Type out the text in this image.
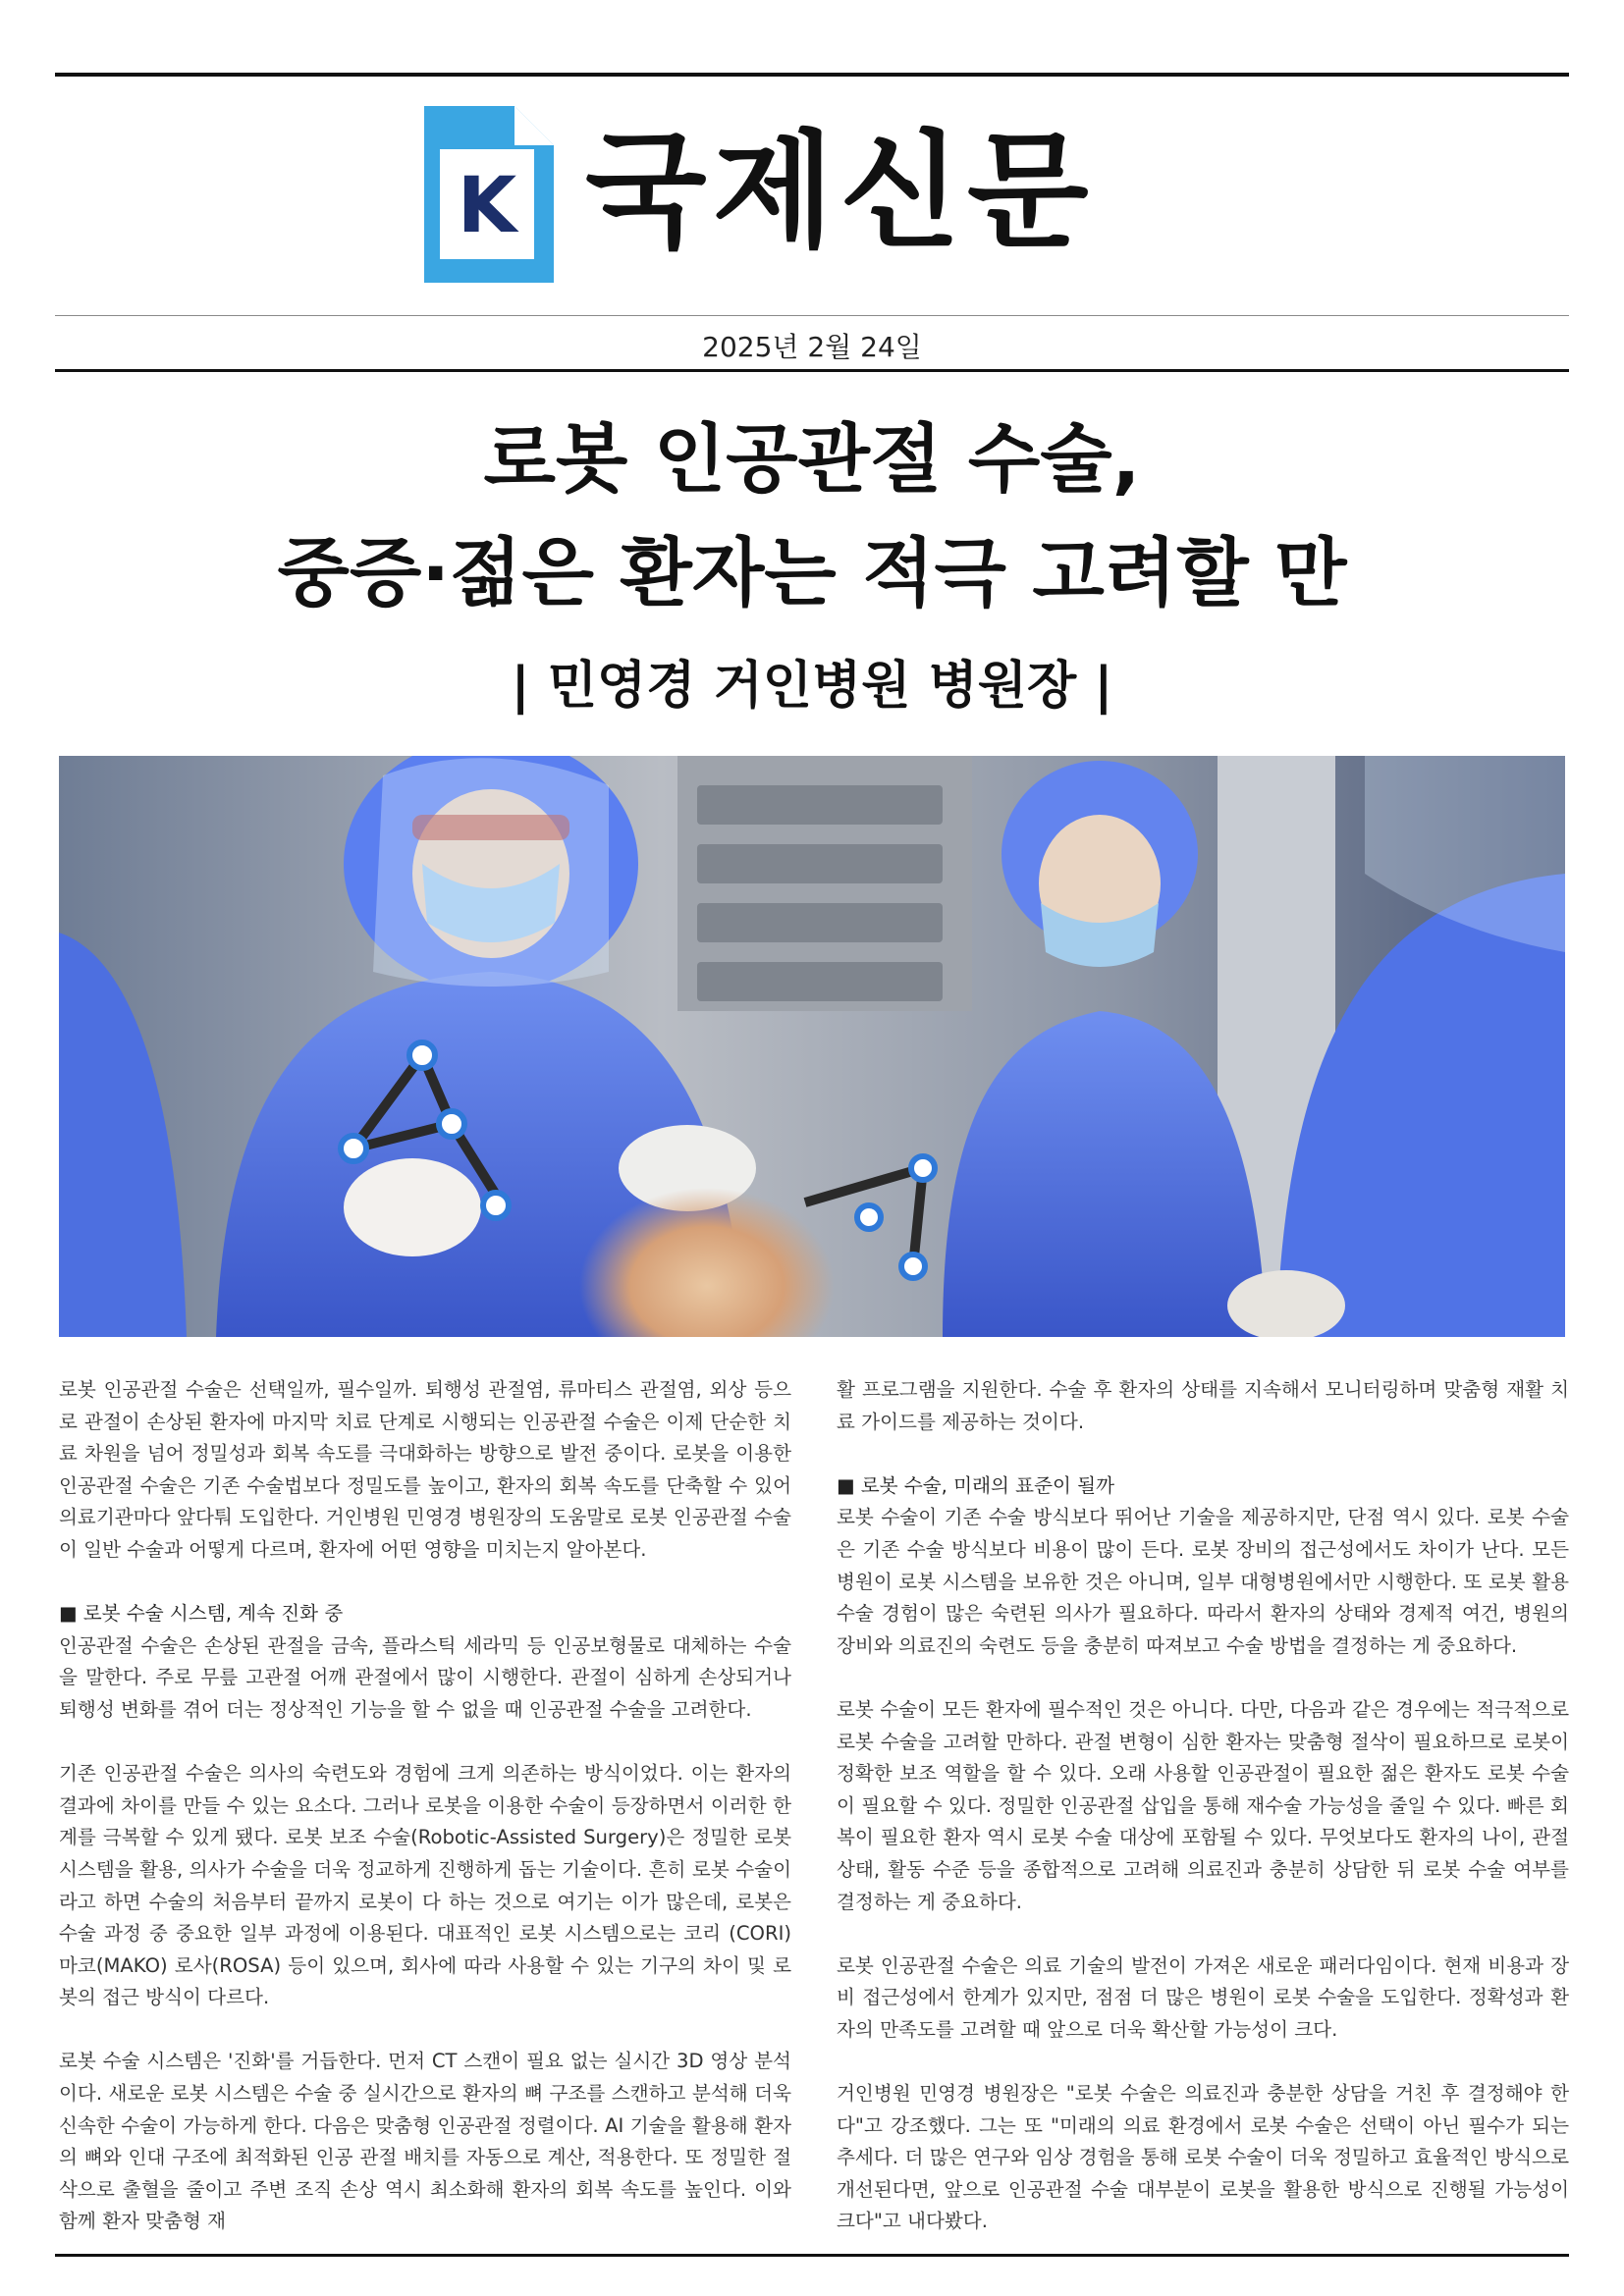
K 국제신문
2025년 2월 24일
로봇 인공관절 수술,
중증·젊은 환자는 적극 고려할 만
| 민영경 거인병원 병원장 |

로봇 인공관절 수술은 선택일까, 필수일까. 퇴행성 관절염, 류마티스 관절염, 외상 등으로 관절이 손상된 환자에 마지막 치료 단계로 시행되는 인공관절 수술은 이제 단순한 치료 차원을 넘어 정밀성과 회복 속도를 극대화하는 방향으로 발전 중이다. 로봇을 이용한 인공관절 수술은 기존 수술법보다 정밀도를 높이고, 환자의 회복 속도를 단축할 수 있어 의료기관마다 앞다퉈 도입한다. 거인병원 민영경 병원장의 도움말로 로봇 인공관절 수술이 일반 수술과 어떻게 다르며, 환자에 어떤 영향을 미치는지 알아본다.

■ 로봇 수술 시스템, 계속 진화 중

인공관절 수술은 손상된 관절을 금속, 플라스틱 세라믹 등 인공보형물로 대체하는 수술을 말한다. 주로 무릎 고관절 어깨 관절에서 많이 시행한다. 관절이 심하게 손상되거나 퇴행성 변화를 겪어 더는 정상적인 기능을 할 수 없을 때 인공관절 수술을 고려한다.

기존 인공관절 수술은 의사의 숙련도와 경험에 크게 의존하는 방식이었다. 이는 환자의 결과에 차이를 만들 수 있는 요소다. 그러나 로봇을 이용한 수술이 등장하면서 이러한 한계를 극복할 수 있게 됐다. 로봇 보조 수술(Robotic-Assisted Surgery)은 정밀한 로봇 시스템을 활용, 의사가 수술을 더욱 정교하게 진행하게 돕는 기술이다. 흔히 로봇 수술이라고 하면 수술의 처음부터 끝까지 로봇이 다 하는 것으로 여기는 이가 많은데, 로봇은 수술 과정 중 중요한 일부 과정에 이용된다. 대표적인 로봇 시스템으로는 코리 (CORI) 마코(MAKO) 로사(ROSA) 등이 있으며, 회사에 따라 사용할 수 있는 기구의 차이 및 로봇의 접근 방식이 다르다.

로봇 수술 시스템은 '진화'를 거듭한다. 먼저 CT 스캔이 필요 없는 실시간 3D 영상 분석이다. 새로운 로봇 시스템은 수술 중 실시간으로 환자의 뼈 구조를 스캔하고 분석해 더욱 신속한 수술이 가능하게 한다. 다음은 맞춤형 인공관절 정렬이다. AI 기술을 활용해 환자의 뼈와 인대 구조에 최적화된 인공 관절 배치를 자동으로 계산, 적용한다. 또 정밀한 절삭으로 출혈을 줄이고 주변 조직 손상 역시 최소화해 환자의 회복 속도를 높인다. 이와 함께 환자 맞춤형 재

활 프로그램을 지원한다. 수술 후 환자의 상태를 지속해서 모니터링하며 맞춤형 재활 치료 가이드를 제공하는 것이다.

■ 로봇 수술, 미래의 표준이 될까

로봇 수술이 기존 수술 방식보다 뛰어난 기술을 제공하지만, 단점 역시 있다. 로봇 수술은 기존 수술 방식보다 비용이 많이 든다. 로봇 장비의 접근성에서도 차이가 난다. 모든 병원이 로봇 시스템을 보유한 것은 아니며, 일부 대형병원에서만 시행한다. 또 로봇 활용 수술 경험이 많은 숙련된 의사가 필요하다. 따라서 환자의 상태와 경제적 여건, 병원의 장비와 의료진의 숙련도 등을 충분히 따져보고 수술 방법을 결정하는 게 중요하다.

로봇 수술이 모든 환자에 필수적인 것은 아니다. 다만, 다음과 같은 경우에는 적극적으로 로봇 수술을 고려할 만하다. 관절 변형이 심한 환자는 맞춤형 절삭이 필요하므로 로봇이 정확한 보조 역할을 할 수 있다. 오래 사용할 인공관절이 필요한 젊은 환자도 로봇 수술이 필요할 수 있다. 정밀한 인공관절 삽입을 통해 재수술 가능성을 줄일 수 있다. 빠른 회복이 필요한 환자 역시 로봇 수술 대상에 포함될 수 있다. 무엇보다도 환자의 나이, 관절 상태, 활동 수준 등을 종합적으로 고려해 의료진과 충분히 상담한 뒤 로봇 수술 여부를 결정하는 게 중요하다.

로봇 인공관절 수술은 의료 기술의 발전이 가져온 새로운 패러다임이다. 현재 비용과 장비 접근성에서 한계가 있지만, 점점 더 많은 병원이 로봇 수술을 도입한다. 정확성과 환자의 만족도를 고려할 때 앞으로 더욱 확산할 가능성이 크다.

거인병원 민영경 병원장은 "로봇 수술은 의료진과 충분한 상담을 거친 후 결정해야 한다"고 강조했다. 그는 또 "미래의 의료 환경에서 로봇 수술은 선택이 아닌 필수가 되는 추세다. 더 많은 연구와 임상 경험을 통해 로봇 수술이 더욱 정밀하고 효율적인 방식으로 개선된다면, 앞으로 인공관절 수술 대부분이 로봇을 활용한 방식으로 진행될 가능성이 크다"고 내다봤다.
